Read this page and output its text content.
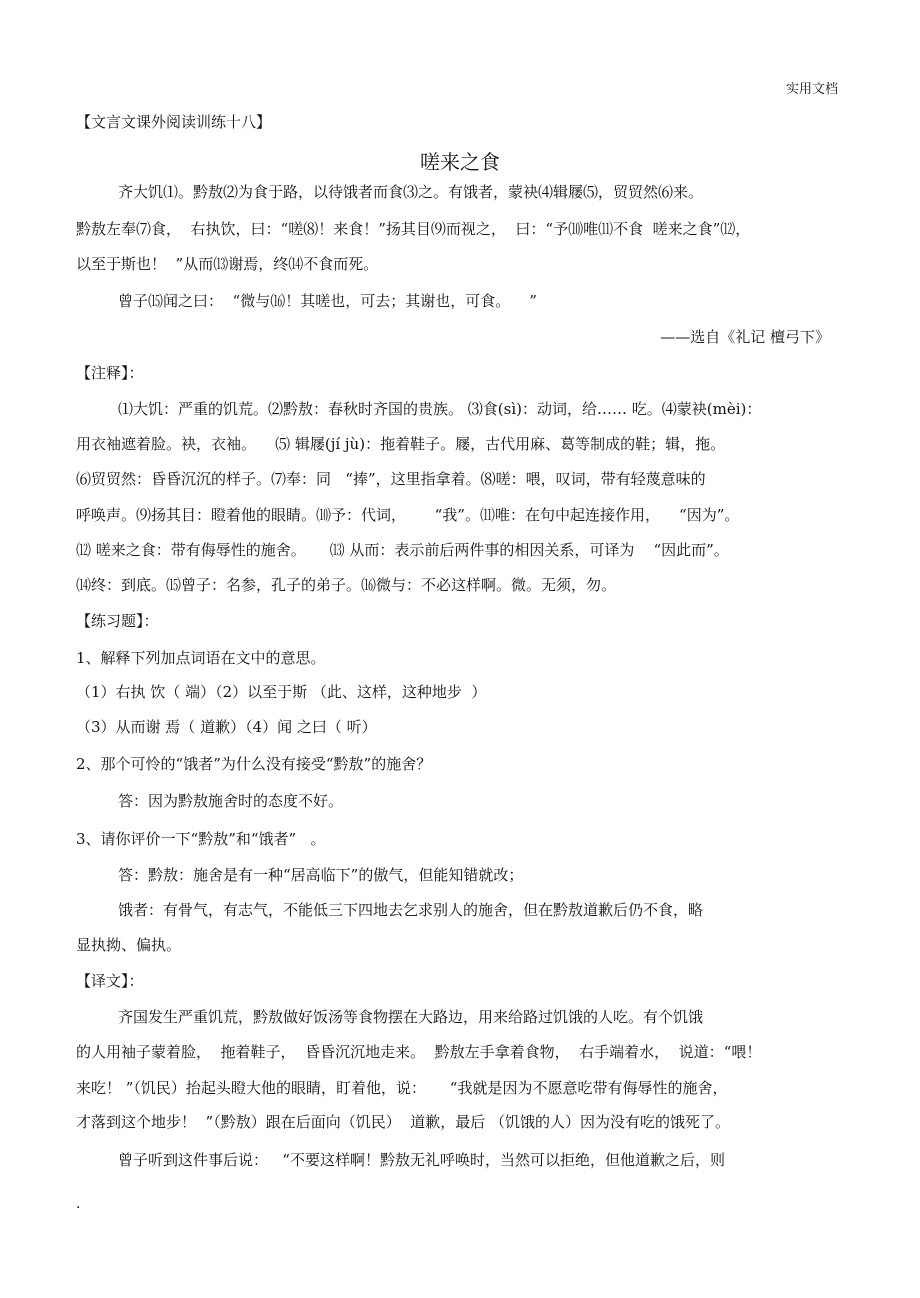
实用文档
【文言文课外阅读训练十八】
嗟来之食
齐大饥⑴。黔敖⑵为食于路，以待饿者而食⑶之。有饿者，蒙袂⑷辑屦⑸，贸贸然⑹来。
黔敖左奉⑺食，  右执饮，曰：“嗟⑻！来食！”扬其目⑼而视之，  曰：“予⑽唯⑾不食  嗟来之食”⑿，
以至于斯也！  ”从而⒀谢焉，终⒁不食而死。
曾子⒂闻之曰：  “微与⒃！其嗟也，可去；其谢也，可食。    ”
——选自《礼记 檀弓下》
【注释】：
⑴大饥：严重的饥荒。⑵黔敖：春秋时齐国的贵族。 ⑶食(sì)：动词，给…… 吃。⑷蒙袂(mèi)：
用衣袖遮着脸。袂，衣袖。    ⑸ 辑屦(jí jù)：拖着鞋子。屦，古代用麻、葛等制成的鞋；辑，拖。
⑹贸贸然：昏昏沉沉的样子。⑺奉：同   “捧”，这里指拿着。⑻嗟：喂，叹词，带有轻蔑意味的
呼唤声。⑼扬其目：瞪着他的眼睛。⑽予：代词，      “我”。⑾唯：在句中起连接作用，    “因为”。
⑿ 嗟来之食：带有侮辱性的施舍。     ⒀ 从而：表示前后两件事的相因关系，可译为    “因此而”。
⒁终：到底。⒂曾子：名参，孔子的弟子。⒃微与：不必这样啊。微。无须，勿。
【练习题】：
1、解释下列加点词语在文中的意思。
（1）右执 饮（ 端）（2）以至于斯 （此、这样，这种地步  ）
（3）从而谢 焉（ 道歉）（4）闻 之曰（ 听）
2、那个可怜的“饿者”为什么没有接受“黔敖”的施舍？
答：因为黔敖施舍时的态度不好。
3、请你评价一下“黔敖”和“饿者”   。
答：黔敖：施舍是有一种“居高临下”的傲气，但能知错就改；
饿者：有骨气，有志气，不能低三下四地去乞求别人的施舍，但在黔敖道歉后仍不食，略
显执拗、偏执。
【译文】：
齐国发生严重饥荒，黔敖做好饭汤等食物摆在大路边，用来给路过饥饿的人吃。有个饥饿
的人用袖子蒙着脸，  拖着鞋子，  昏昏沉沉地走来。  黔敖左手拿着食物，  右手端着水，  说道：“喂！
来吃！ ”（饥民）抬起头瞪大他的眼睛，盯着他，说：     “我就是因为不愿意吃带有侮辱性的施舍，
才落到这个地步！  ”（黔敖）跟在后面向（饥民）  道歉，最后 （饥饿的人）因为没有吃的饿死了。
曾子听到这件事后说：   “不要这样啊！黔敖无礼呼唤时，当然可以拒绝，但他道歉之后，则
.
